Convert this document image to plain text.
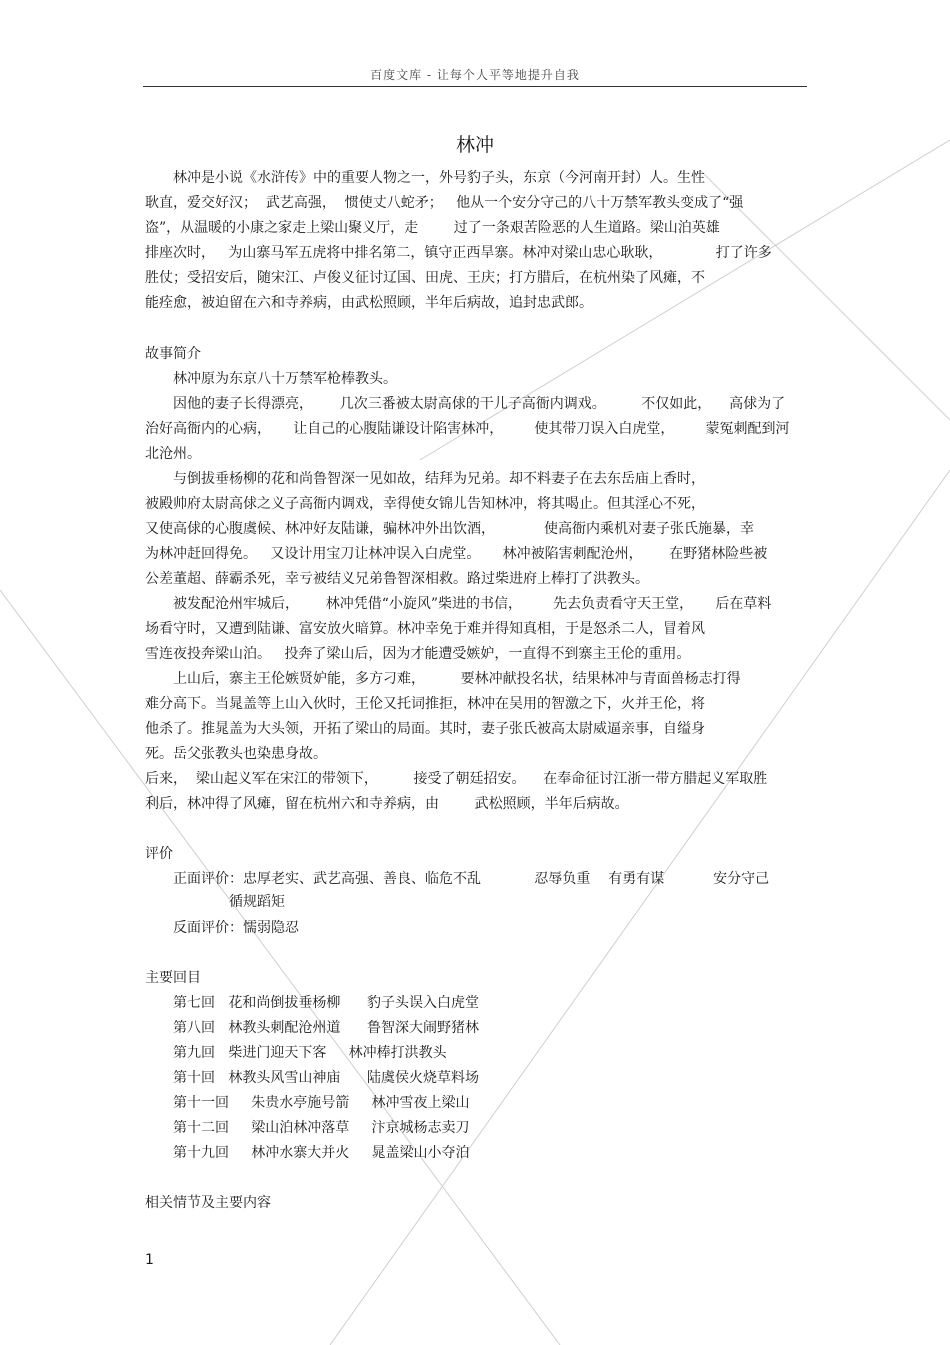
百度文库 - 让每个人平等地提升自我
林冲
　　林冲是小说《水浒传》中的重要人物之一，外号豹子头，东京（今河南开封）人。生性
耿直，爱交好汉；  武艺高强，  惯使丈八蛇矛；   他从一个安分守己的八十万禁军教头变成了“强
盗”，从温暖的小康之家走上梁山聚义厅，走        过了一条艰苦险恶的人生道路。梁山泊英雄
排座次时，   为山寨马军五虎将中排名第二，镇守正西旱寨。林冲对梁山忠心耿耿，            打了许多
胜仗；受招安后，随宋江、卢俊义征讨辽国、田虎、王庆；打方腊后，在杭州染了风瘫，不
能痊愈，被迫留在六和寺养病，由武松照顾，半年后病故，追封忠武郎。
故事简介
　　林冲原为东京八十万禁军枪棒教头。
　　因他的妻子长得漂亮，      几次三番被太尉高俅的干儿子高衙内调戏。        不仅如此，    高俅为了
治好高衙内的心病，     让自己的心腹陆谦设计陷害林冲，       使其带刀误入白虎堂，       蒙冤刺配到河
北沧州。
　　与倒拔垂杨柳的花和尚鲁智深一见如故，结拜为兄弟。却不料妻子在去东岳庙上香时，
被殿帅府太尉高俅之义子高衙内调戏，幸得使女锦儿告知林冲，将其喝止。但其淫心不死，
又使高俅的心腹虞候、林冲好友陆谦，骗林冲外出饮酒，           使高衙内乘机对妻子张氏施暴，幸
为林冲赶回得免。   又设计用宝刀让林冲误入白虎堂。     林冲被陷害刺配沧州，      在野猪林险些被
公差董超、薛霸杀死，幸亏被结义兄弟鲁智深相救。路过柴进府上棒打了洪教头。
　　被发配沧州牢城后，      林冲凭借“小旋风”柴进的书信，       先去负责看守天王堂，     后在草料
场看守时，又遭到陆谦、富安放火暗算。林冲幸免于难并得知真相，于是怒杀二人，冒着风
雪连夜投奔梁山泊。   投奔了梁山后，因为才能遭受嫉妒，一直得不到寨主王伦的重用。
　　上山后，寨主王伦嫉贤妒能，多方刁难，        要林冲献投名状，结果林冲与青面兽杨志打得
难分高下。当晁盖等上山入伙时，王伦又托词推拒，林冲在吴用的智激之下，火并王伦，将
他杀了。推晁盖为大头领，开拓了梁山的局面。其时，妻子张氏被高太尉威逼亲事，自缢身
死。岳父张教头也染患身故。
后来，  梁山起义军在宋江的带领下，        接受了朝廷招安。    在奉命征讨江浙一带方腊起义军取胜
利后，林冲得了风瘫，留在杭州六和寺养病，由        武松照顾，半年后病故。
评价
　　正面评价：忠厚老实、武艺高强、善良、临危不乱            忍辱负重    有勇有谋           安分守己
　　　　　　循规蹈矩
　　反面评价：懦弱隐忍
主要回目
　　第七回   花和尚倒拔垂杨柳      豹子头误入白虎堂
　　第八回   林教头刺配沧州道      鲁智深大闹野猪林
　　第九回   柴进门迎天下客     林冲棒打洪教头
　　第十回   林教头风雪山神庙      陆虞侯火烧草料场
　　第十一回     朱贵水亭施号箭     林冲雪夜上梁山
　　第十二回     梁山泊林冲落草     汴京城杨志卖刀
　　第十九回     林冲水寨大并火     晁盖梁山小夺泊
相关情节及主要内容
1
